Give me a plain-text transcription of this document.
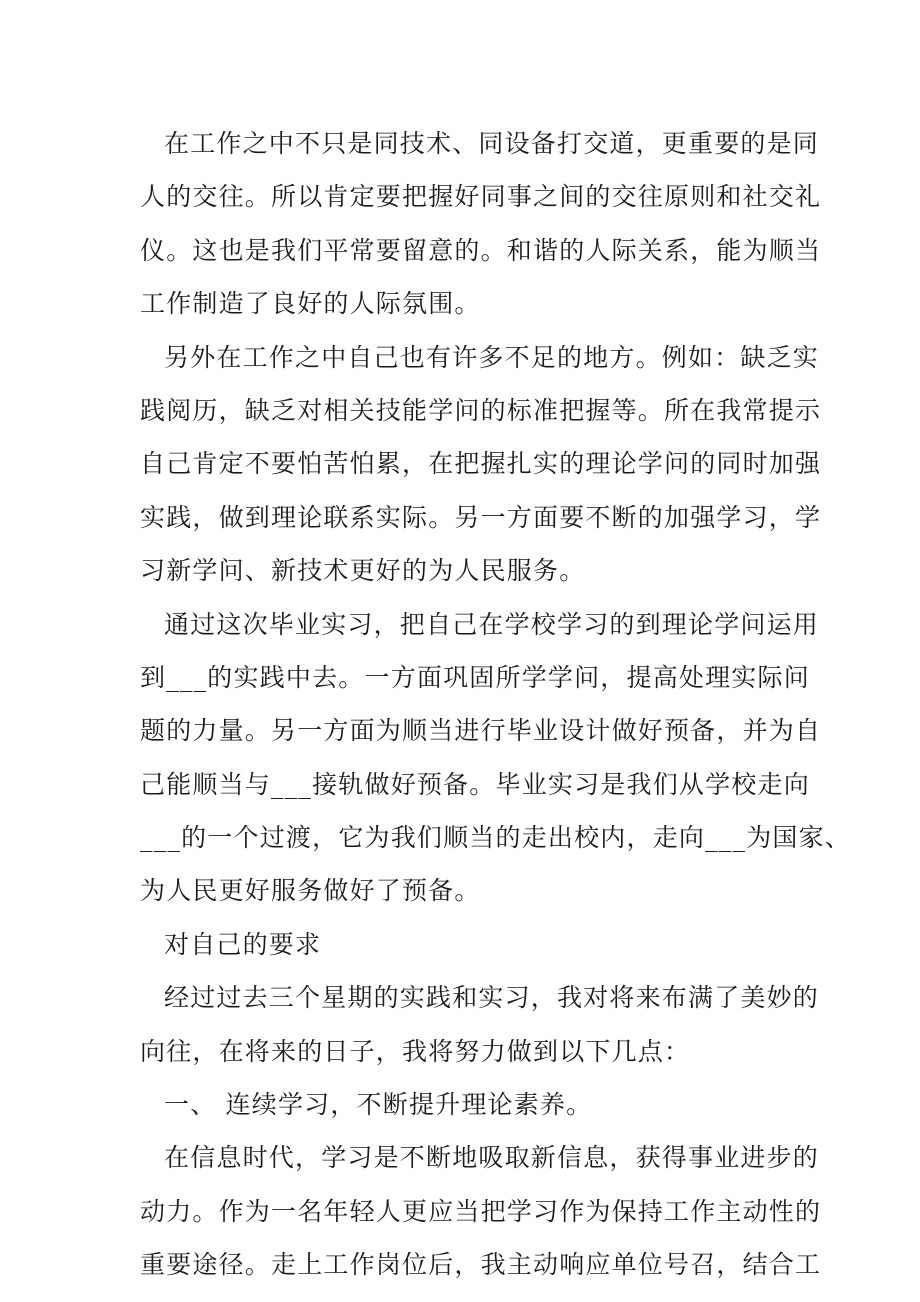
在工作之中不只是同技术、同设备打交道，更重要的是同
人的交往。所以肯定要把握好同事之间的交往原则和社交礼
仪。这也是我们平常要留意的。和谐的人际关系，能为顺当
工作制造了良好的人际氛围。
另外在工作之中自己也有许多不足的地方。例如：缺乏实
践阅历，缺乏对相关技能学问的标准把握等。所在我常提示
自己肯定不要怕苦怕累，在把握扎实的理论学问的同时加强
实践，做到理论联系实际。另一方面要不断的加强学习，学
习新学问、新技术更好的为人民服务。
通过这次毕业实习，把自己在学校学习的到理论学问运用
到___的实践中去。一方面巩固所学学问，提高处理实际问
题的力量。另一方面为顺当进行毕业设计做好预备，并为自
己能顺当与___接轨做好预备。毕业实习是我们从学校走向
___的一个过渡，它为我们顺当的走出校内，走向___为国家、
为人民更好服务做好了预备。
对自己的要求
经过过去三个星期的实践和实习，我对将来布满了美妙的
向往，在将来的日子，我将努力做到以下几点：
一、 连续学习，不断提升理论素养。
在信息时代，学习是不断地吸取新信息，获得事业进步的
动力。作为一名年轻人更应当把学习作为保持工作主动性的
重要途径。走上工作岗位后，我主动响应单位号召，结合工
